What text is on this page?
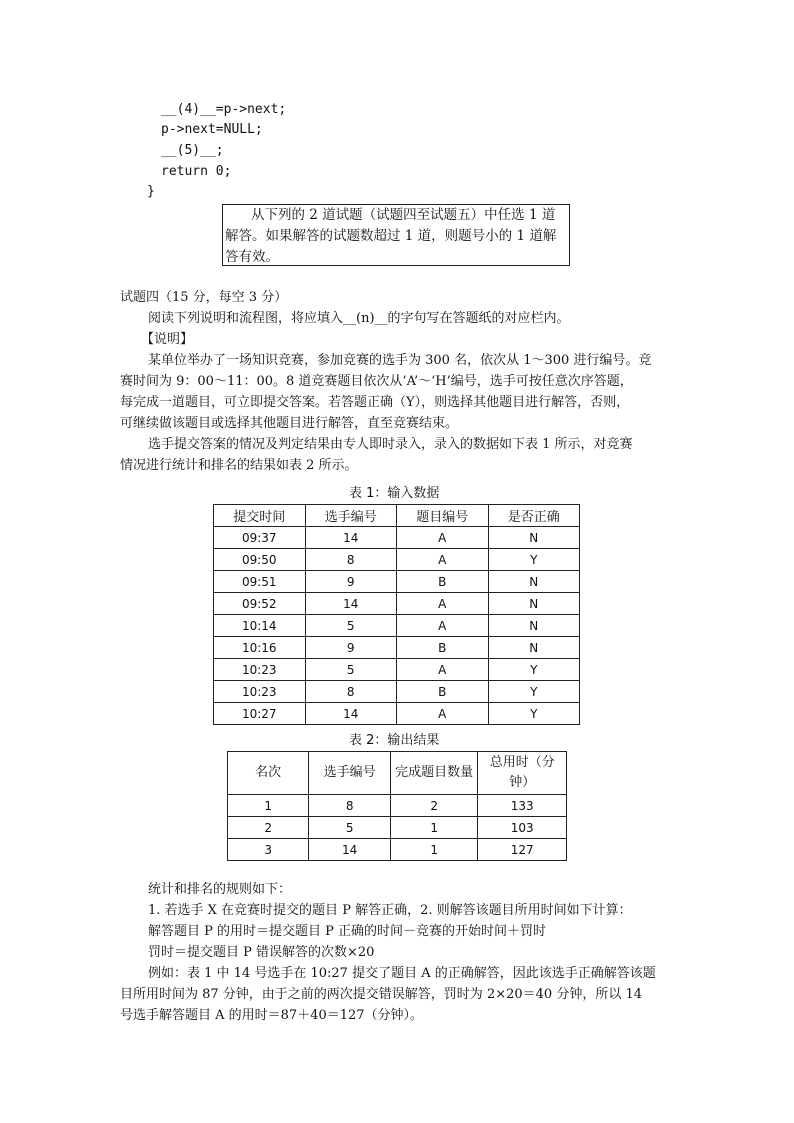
__(4)__=p->next;
p->next=NULL;
__(5)__;
return 0;
}
从下列的 2 道试题（试题四至试题五）中任选 1 道
解答。如果解答的试题数超过 1 道，则题号小的 1 道解
答有效。
试题四（15 分，每空 3 分）
阅读下列说明和流程图，将应填入__(n)__的字句写在答题纸的对应栏内。
【说明】
某单位举办了一场知识竞赛，参加竞赛的选手为 300 名，依次从 1～300 进行编号。竞
赛时间为 9：00～11：00。8 道竞赛题目依次从‘A’～‘H’编号，选手可按任意次序答题，
每完成一道题目，可立即提交答案。若答题正确（Y），则选择其他题目进行解答，否则，
可继续做该题目或选择其他题目进行解答，直至竞赛结束。
选手提交答案的情况及判定结果由专人即时录入，录入的数据如下表 1 所示，对竞赛
情况进行统计和排名的结果如表 2 所示。
表 1：输入数据
提交时间	选手编号	题目编号	是否正确
09:37	14	A	N
09:50	8	A	Y
09:51	9	B	N
09:52	14	A	N
10:14	5	A	N
10:16	9	B	N
10:23	5	A	Y
10:23	8	B	Y
10:27	14	A	Y
表 2：输出结果
名次	选手编号	完成题目数量	总用时（分钟）
1	8	2	133
2	5	1	103
3	14	1	127
统计和排名的规则如下：
1. 若选手 X 在竞赛时提交的题目 P 解答正确，2. 则解答该题目所用时间如下计算：
解答题目 P 的用时＝提交题目 P 正确的时间－竞赛的开始时间＋罚时
罚时＝提交题目 P 错误解答的次数×20
例如：表 1 中 14 号选手在 10:27 提交了题目 A 的正确解答，因此该选手正确解答该题
目所用时间为 87 分钟，由于之前的两次提交错误解答，罚时为 2×20＝40 分钟，所以 14
号选手解答题目 A 的用时＝87＋40＝127（分钟）。
